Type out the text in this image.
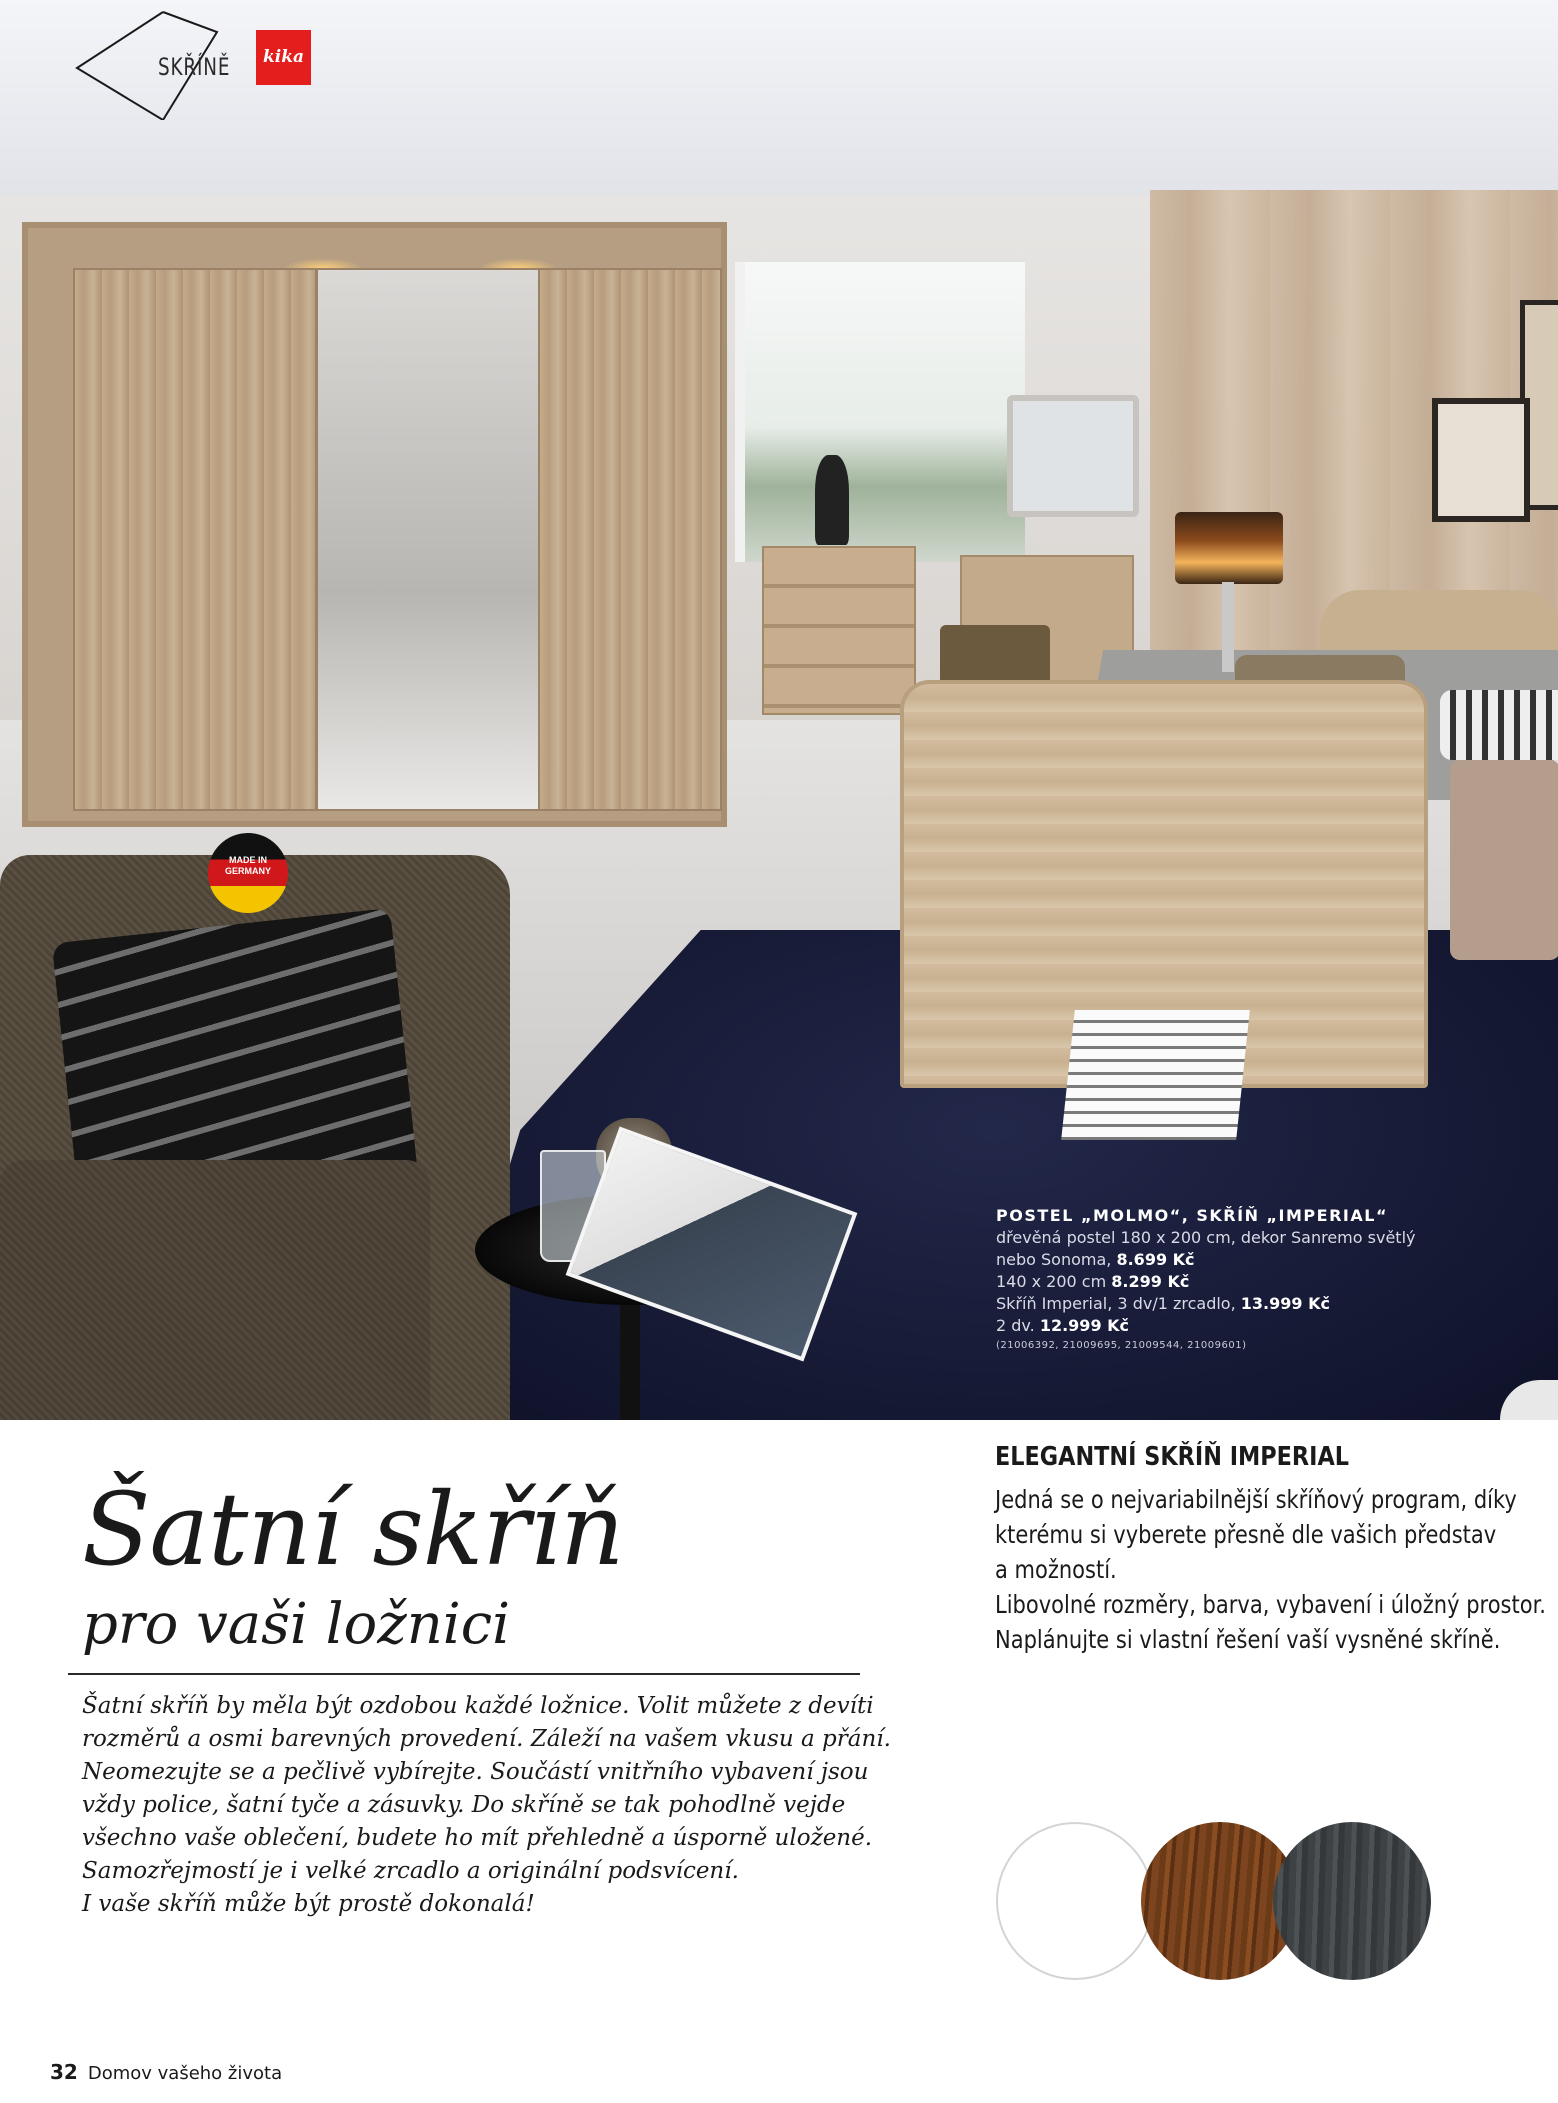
MADE IN
GERMANY
POSTEL „MOLMO“, SKŘÍŇ „IMPERIAL“
dřevěná postel 180 x 200 cm, dekor Sanremo světlý
nebo Sonoma, 8.699 Kč
140 x 200 cm 8.299 Kč
Skříň Imperial, 3 dv/1 zrcadlo, 13.999 Kč
2 dv. 12.999 Kč
(21006392, 21009695, 21009544, 21009601)
SKŘÍNĚ	kika
Šatní skříň
pro vaši ložnici

Šatní skříň by měla být ozdobou každé ložnice. Volit můžete z devíti

rozměrů a osmi barevných provedení. Záleží na vašem vkusu a přání.

Neomezujte se a pečlivě vybírejte. Součástí vnitřního vybavení jsou

vždy police, šatní tyče a zásuvky. Do skříně se tak pohodlně vejde

všechno vaše oblečení, budete ho mít přehledně a úsporně uložené.

Samozřejmostí je i velké zrcadlo a originální podsvícení.

I vaše skříň může být prostě dokonalá!

ELEGANTNÍ SKŘÍŇ IMPERIAL

Jedná se o nejvariabilnější skříňový program, díky

kterému si vyberete přesně dle vašich představ

a možností.

Libovolné rozměry, barva, vybavení i úložný prostor.

Naplánujte si vlastní řešení vaší vysněné skříně.

32 Domov vašeho života
